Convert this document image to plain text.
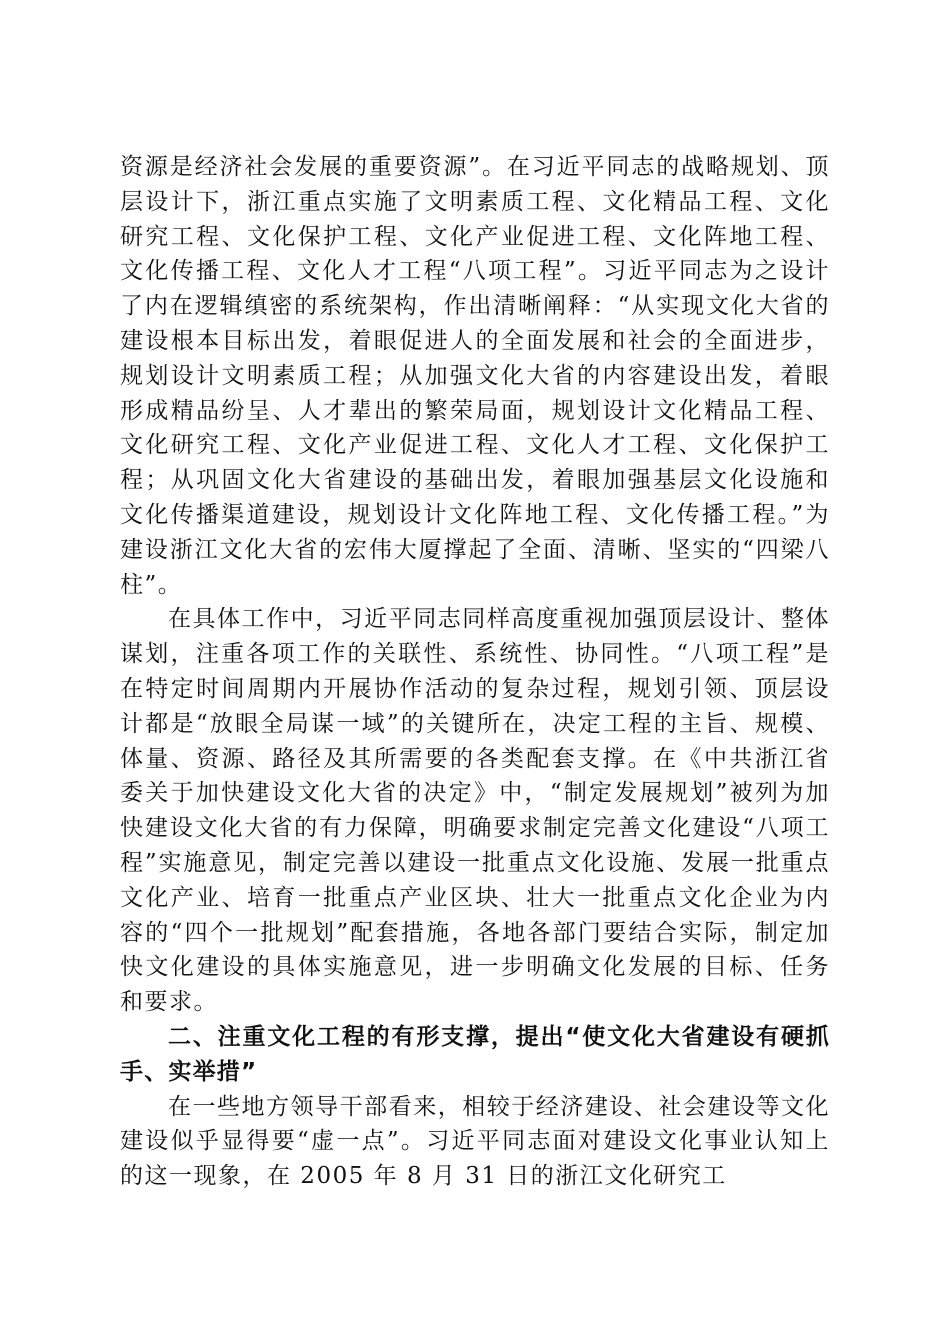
资源是经济社会发展的重要资源”。在习近平同志的战略规划、顶层设计下，浙江重点实施了文明素质工程、文化精品工程、文化研究工程、文化保护工程、文化产业促进工程、文化阵地工程、文化传播工程、文化人才工程“八项工程”。习近平同志为之设计了内在逻辑缜密的系统架构，作出清晰阐释：“从实现文化大省的建设根本目标出发，着眼促进人的全面发展和社会的全面进步，规划设计文明素质工程；从加强文化大省的内容建设出发，着眼形成精品纷呈、人才辈出的繁荣局面，规划设计文化精品工程、文化研究工程、文化产业促进工程、文化人才工程、文化保护工程；从巩固文化大省建设的基础出发，着眼加强基层文化设施和文化传播渠道建设，规划设计文化阵地工程、文化传播工程。”为建设浙江文化大省的宏伟大厦撑起了全面、清晰、坚实的“四梁八柱”。

在具体工作中，习近平同志同样高度重视加强顶层设计、整体谋划，注重各项工作的关联性、系统性、协同性。“八项工程”是在特定时间周期内开展协作活动的复杂过程，规划引领、顶层设计都是“放眼全局谋一域”的关键所在，决定工程的主旨、规模、体量、资源、路径及其所需要的各类配套支撑。在《中共浙江省委关于加快建设文化大省的决定》中，“制定发展规划”被列为加快建设文化大省的有力保障，明确要求制定完善文化建设“八项工程”实施意见，制定完善以建设一批重点文化设施、发展一批重点文化产业、培育一批重点产业区块、壮大一批重点文化企业为内容的“四个一批规划”配套措施，各地各部门要结合实际，制定加快文化建设的具体实施意见，进一步明确文化发展的目标、任务和要求。

二、注重文化工程的有形支撑，提出“使文化大省建设有硬抓手、实举措”

在一些地方领导干部看来，相较于经济建设、社会建设等文化建设似乎显得要“虚一点”。习近平同志面对建设文化事业认知上的这一现象，在 2005 年 8 月 31 日的浙江文化研究工
